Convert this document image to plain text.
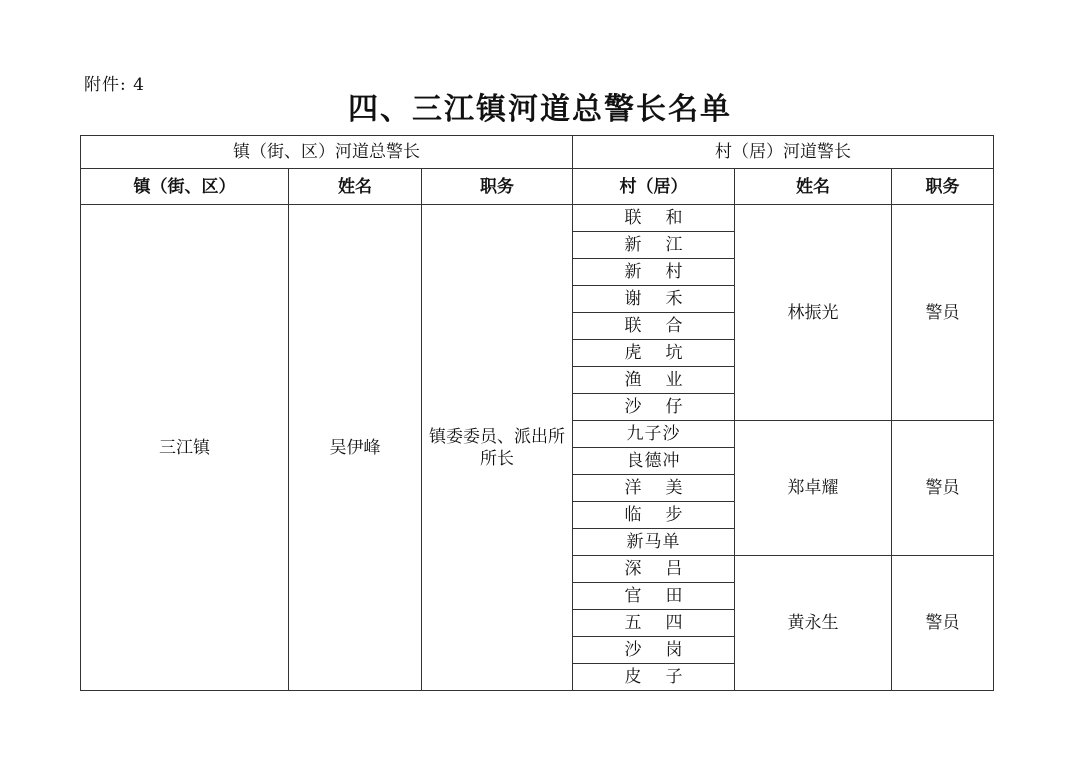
附件: 4
四、三江镇河道总警长名单
镇（街、区）河道总警长			村（居）河道警长		
镇（街、区）	姓名	职务	村（居）	姓名	职务
三江镇	吴伊峰	镇委委员、派出所所长	联和	林振光	警员
			新江		
			新村		
			谢禾		
			联合		
			虎坑		
			渔业		
			沙仔		
			九子沙	郑卓耀	警员
			良德冲		
			洋美		
			临步		
			新马单		
			深吕	黄永生	警员
			官田		
			五四		
			沙岗		
			皮子		
